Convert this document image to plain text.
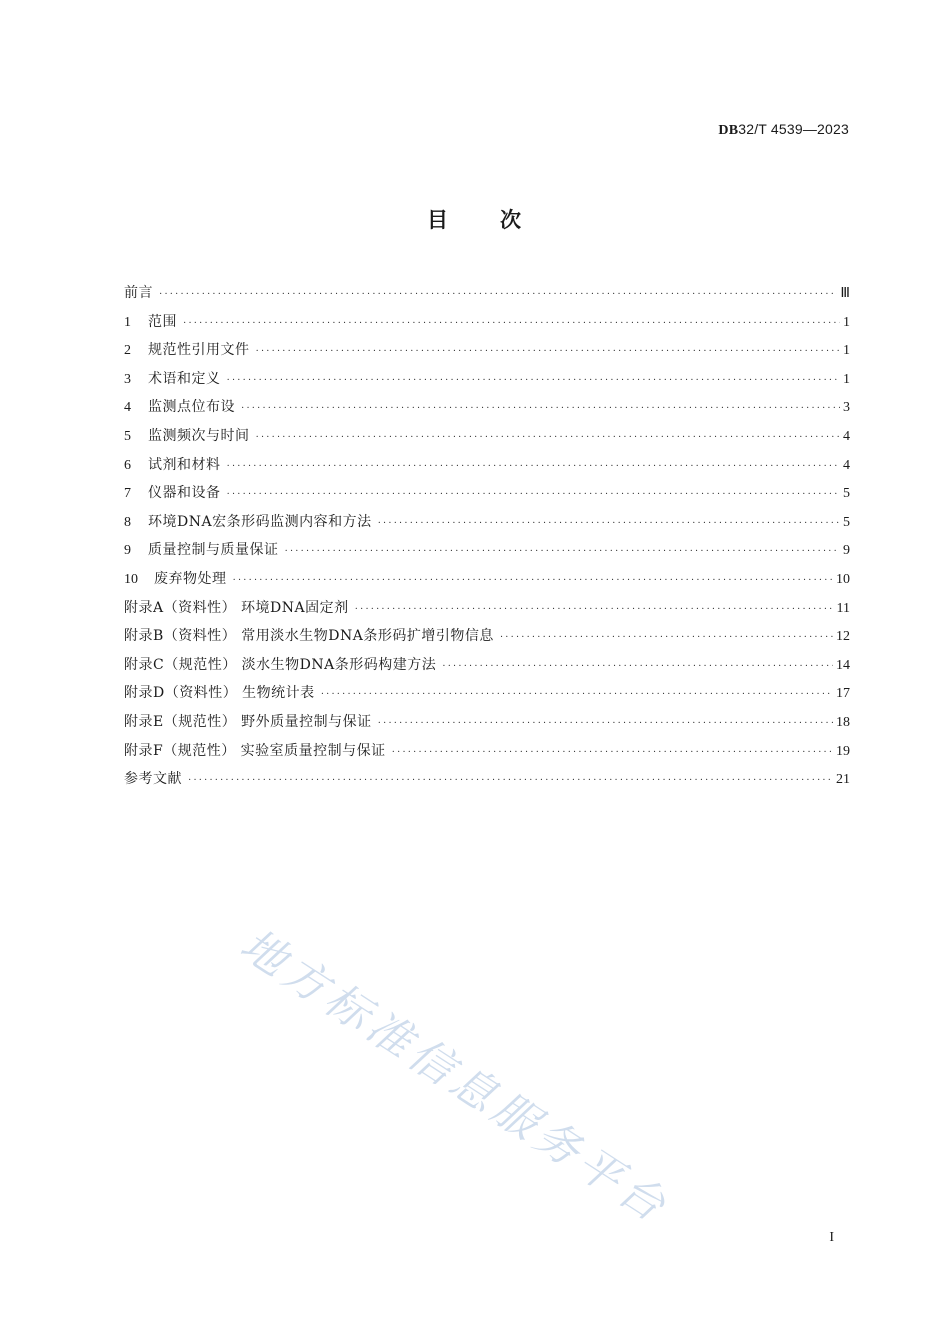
DB32/T 4539—2023
目 次
前言 ·····	Ⅲ
1	范围 ·····	1
2	规范性引用文件 ·····	1
3	术语和定义 ·····	1
4	监测点位布设 ·····	3
5	监测频次与时间 ·····	4
6	试剂和材料 ·····	4
7	仪器和设备 ·····	5
8	环境DNA宏条形码监测内容和方法 ·····	5
9	质量控制与质量保证 ·····	9
10	废弃物处理 ·····	10
附录A（资料性） 环境DNA固定剂 ·····	11
附录B（资料性） 常用淡水生物DNA条形码扩增引物信息 ·····	12
附录C（规范性） 淡水生物DNA条形码构建方法 ·····	14
附录D（资料性） 生物统计表 ·····	17
附录E（规范性） 野外质量控制与保证 ·····	18
附录F（规范性） 实验室质量控制与保证 ·····	19
参考文献 ·····	21
I
地方标准信息服务平台
